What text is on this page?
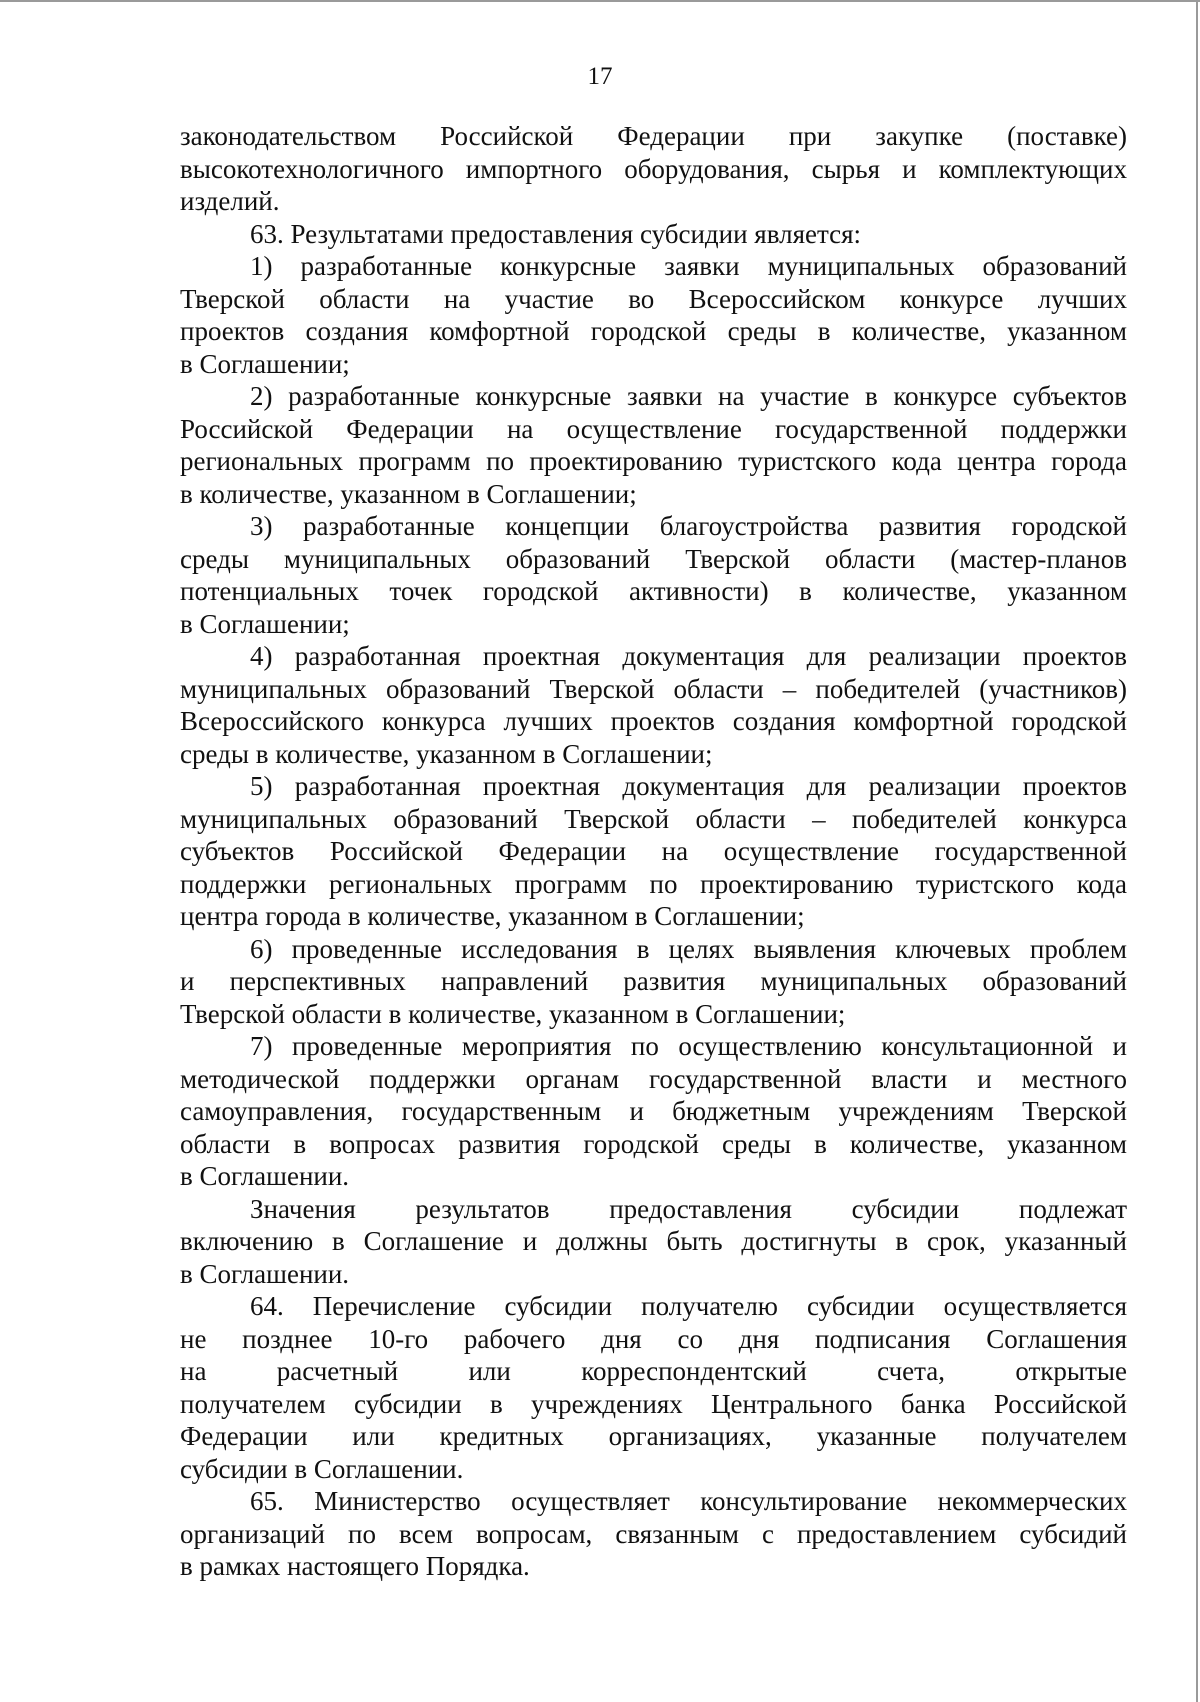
17
законодательством Российской Федерации при закупке (поставке)
высокотехнологичного импортного оборудования, сырья и комплектующих
изделий.
63. Результатами предоставления субсидии является:
1) разработанные конкурсные заявки муниципальных образований
Тверской области на участие во Всероссийском конкурсе лучших
проектов создания комфортной городской среды в количестве, указанном
в Соглашении;
2) разработанные конкурсные заявки на участие в конкурсе субъектов
Российской Федерации на осуществление государственной поддержки
региональных программ по проектированию туристского кода центра города
в количестве, указанном в Соглашении;
3) разработанные концепции благоустройства развития городской
среды муниципальных образований Тверской области (мастер-планов
потенциальных точек городской активности) в количестве, указанном
в Соглашении;
4) разработанная проектная документация для реализации проектов
муниципальных образований Тверской области – победителей (участников)
Всероссийского конкурса лучших проектов создания комфортной городской
среды в количестве, указанном в Соглашении;
5) разработанная проектная документация для реализации проектов
муниципальных образований Тверской области – победителей конкурса
субъектов Российской Федерации на осуществление государственной
поддержки региональных программ по проектированию туристского кода
центра города в количестве, указанном в Соглашении;
6) проведенные исследования в целях выявления ключевых проблем
и перспективных направлений развития муниципальных образований
Тверской области в количестве, указанном в Соглашении;
7) проведенные мероприятия по осуществлению консультационной и
методической поддержки органам государственной власти и местного
самоуправления, государственным и бюджетным учреждениям Тверской
области в вопросах развития городской среды в количестве, указанном
в Соглашении.
Значения результатов предоставления субсидии подлежат
включению в Соглашение и должны быть достигнуты в срок, указанный
в Соглашении.
64. Перечисление субсидии получателю субсидии осуществляется
не позднее 10-го рабочего дня со дня подписания Соглашения
на расчетный или корреспондентский счета, открытые
получателем субсидии в учреждениях Центрального банка Российской
Федерации или кредитных организациях, указанные получателем
субсидии в Соглашении.
65. Министерство осуществляет консультирование некоммерческих
организаций по всем вопросам, связанным с предоставлением субсидий
в рамках настоящего Порядка.
